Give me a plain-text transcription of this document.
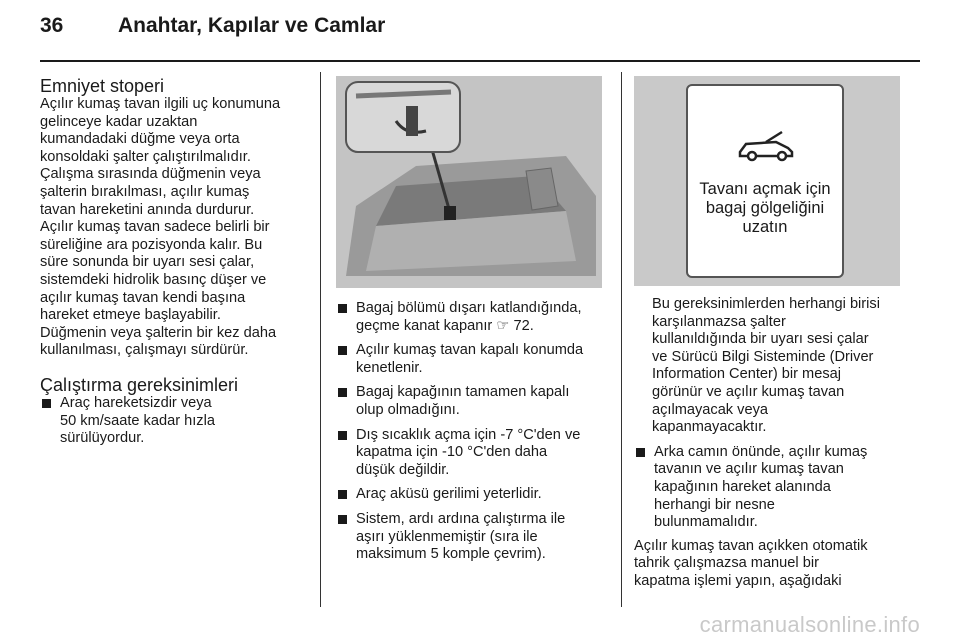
36	Anahtar, Kapılar ve Camlar
Emniyet stoperi

Açılır kumaş tavan ilgili uç konumuna
gelinceye kadar uzaktan
kumandadaki düğme veya orta
konsoldaki şalter çalıştırılmalıdır.
Çalışma sırasında düğmenin veya
şalterin bırakılması, açılır kumaş
tavan hareketini anında durdurur.
Açılır kumaş tavan sadece belirli bir
süreliğine ara pozisyonda kalır. Bu
süre sonunda bir uyarı sesi çalar,
sistemdeki hidrolik basınç düşer ve
açılır kumaş tavan kendi başına
hareket etmeye başlayabilir.
Düğmenin veya şalterin bir kez daha
kullanılması, çalışmayı sürdürür.

Çalıştırma gereksinimleri
Araç hareketsizdir veya
50 km/saate kadar hızla
sürülüyordur.
Bagaj bölümü dışarı katlandığında,
geçme kanat kapanır ☞ 72.
Açılır kumaş tavan kapalı konumda
kenetlenir.
Bagaj kapağının tamamen kapalı
olup olmadığını.
Dış sıcaklık açma için -7 °C'den ve
kapatma için -10 °C'den daha
düşük değildir.
Araç aküsü gerilimi yeterlidir.
Sistem, ardı ardına çalıştırma ile
aşırı yüklenmemiştir (sıra ile
maksimum 5 komple çevrim).
Tavanı açmak için
bagaj gölgeliğini
uzatın

Bu gereksinimlerden herhangi birisi
karşılanmazsa şalter
kullanıldığında bir uyarı sesi çalar
ve Sürücü Bilgi Sisteminde (Driver
Information Center) bir mesaj
görünür ve açılır kumaş tavan
açılmayacak veya
kapanmayacaktır.

Arka camın önünde, açılır kumaş
tavanın ve açılır kumaş tavan
kapağının hareket alanında
herhangi bir nesne
bulunmamalıdır.

Açılır kumaş tavan açıkken otomatik
tahrik çalışmazsa manuel bir
kapatma işlemi yapın, aşağıdaki

carmanualsonline.info
